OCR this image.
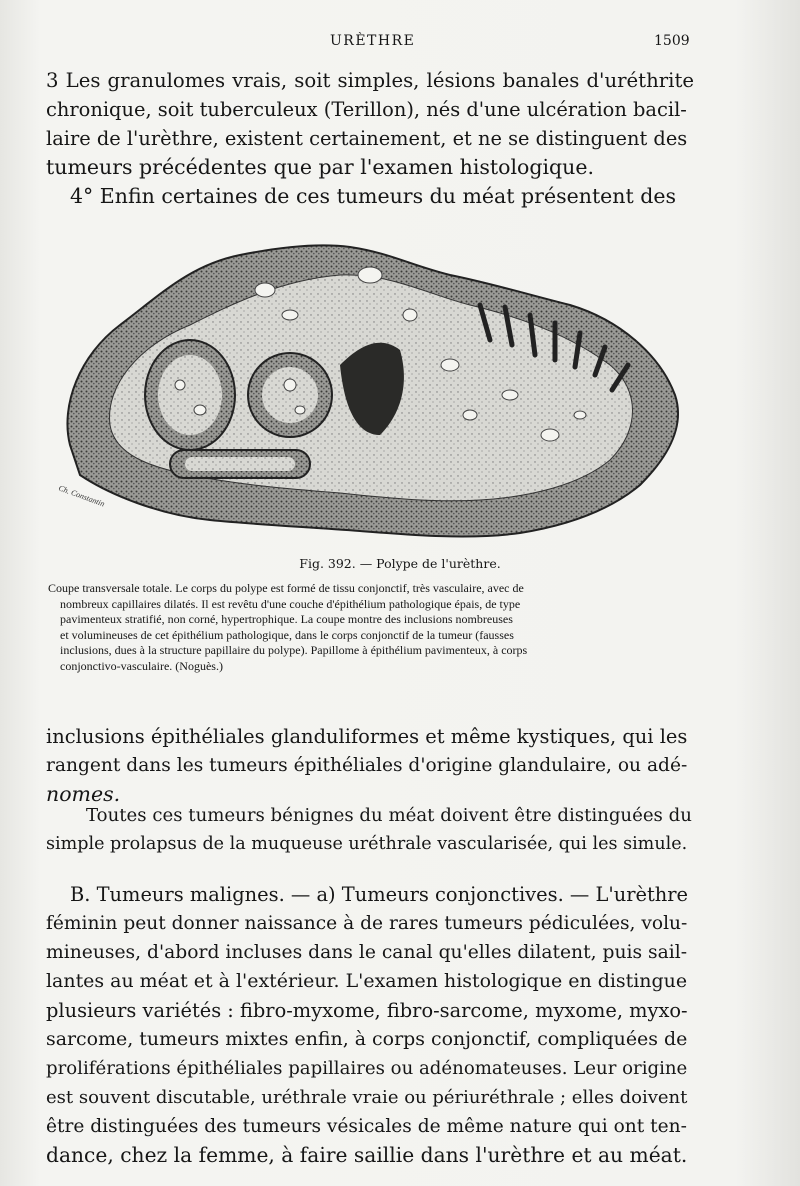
URÈTHRE	1509
3 Les granulomes vrais, soit simples, lésions banales d'uréthrite
chronique, soit tuberculeux (Terillon), nés d'une ulcération bacil-
laire de l'urèthre, existent certainement, et ne se distinguent des
tumeurs précédentes que par l'examen histologique.
4° Enfin certaines de ces tumeurs du méat présentent des
Ch. Constantin
Fig. 392. — Polype de l'urèthre.
Coupe transversale totale. Le corps du polype est formé de tissu conjonctif, très vasculaire, avec de
nombreux capillaires dilatés. Il est revêtu d'une couche d'épithélium pathologique épais, de type
pavimenteux stratifié, non corné, hypertrophique. La coupe montre des inclusions nombreuses
et volumineuses de cet épithélium pathologique, dans le corps conjonctif de la tumeur (fausses
inclusions, dues à la structure papillaire du polype). Papillome à épithélium pavimenteux, à corps
conjonctivo-vasculaire. (Noguès.)
inclusions épithéliales glanduliformes et même kystiques, qui les
rangent dans les tumeurs épithéliales d'origine glandulaire, ou adé-
nomes.
Toutes ces tumeurs bénignes du méat doivent être distinguées du
simple prolapsus de la muqueuse uréthrale vascularisée, qui les simule.
B. Tumeurs malignes. — a) Tumeurs conjonctives. — L'urèthre
féminin peut donner naissance à de rares tumeurs pédiculées, volu-
mineuses, d'abord incluses dans le canal qu'elles dilatent, puis sail-
lantes au méat et à l'extérieur. L'examen histologique en distingue
plusieurs variétés : fibro-myxome, fibro-sarcome, myxome, myxo-
sarcome, tumeurs mixtes enfin, à corps conjonctif, compliquées de
proliférations épithéliales papillaires ou adénomateuses. Leur origine
est souvent discutable, uréthrale vraie ou périuréthrale ; elles doivent
être distinguées des tumeurs vésicales de même nature qui ont ten-
dance, chez la femme, à faire saillie dans l'urèthre et au méat.
